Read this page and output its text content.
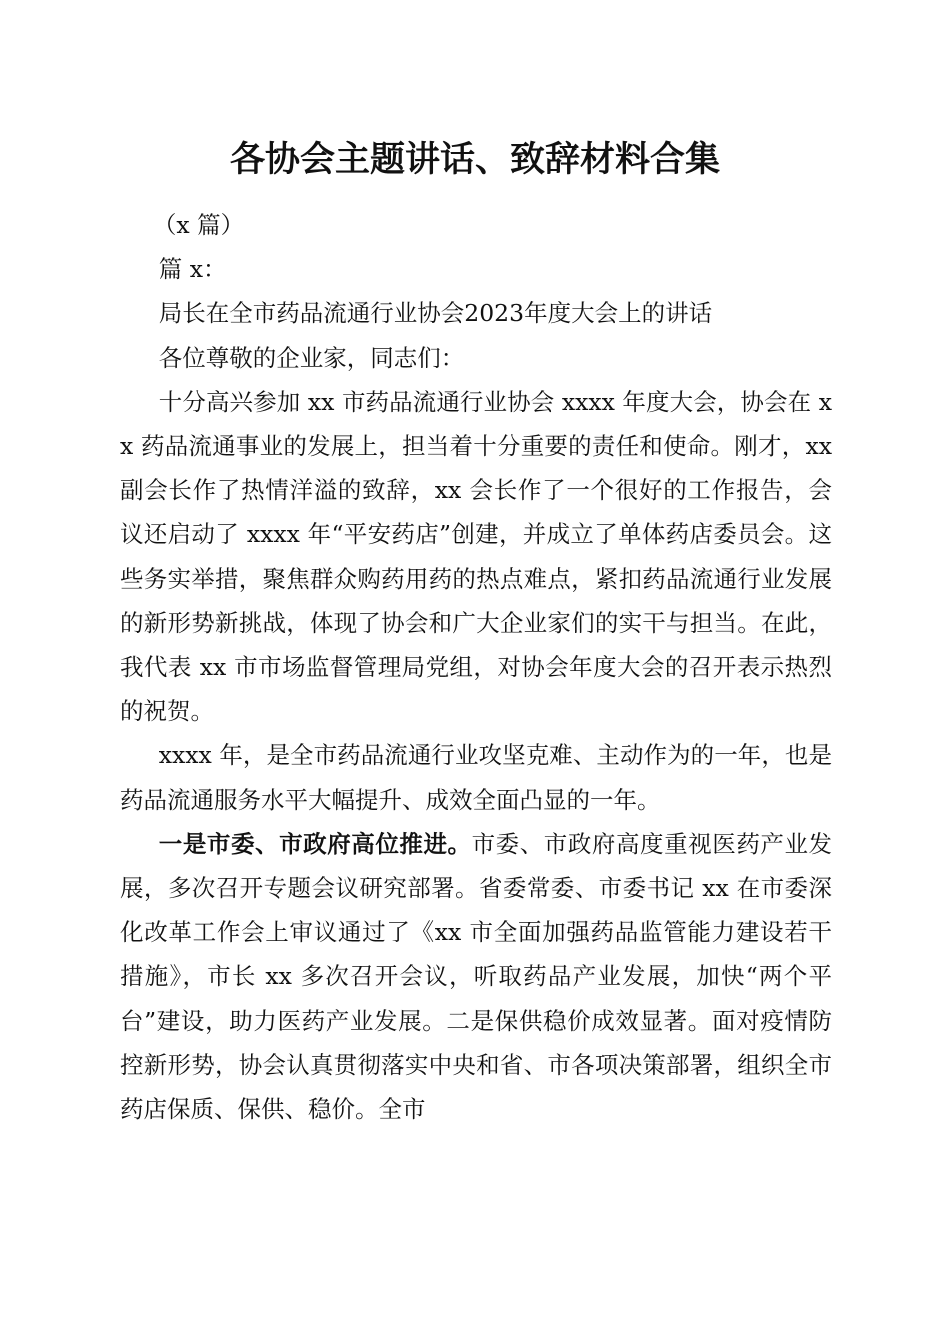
各协会主题讲话、致辞材料合集

（x 篇）

篇 x：

局长在全市药品流通行业协会2023年度大会上的讲话

各位尊敬的企业家，同志们：

十分高兴参加 xx 市药品流通行业协会 xxxx 年度大会，协会在 xx 药品流通事业的发展上，担当着十分重要的责任和使命。刚才，xx 副会长作了热情洋溢的致辞，xx 会长作了一个很好的工作报告，会议还启动了 xxxx 年“平安药店”创建，并成立了单体药店委员会。这些务实举措，聚焦群众购药用药的热点难点，紧扣药品流通行业发展的新形势新挑战，体现了协会和广大企业家们的实干与担当。在此，我代表 xx 市市场监督管理局党组，对协会年度大会的召开表示热烈的祝贺。

xxxx 年，是全市药品流通行业攻坚克难、主动作为的一年，也是药品流通服务水平大幅提升、成效全面凸显的一年。

一是市委、市政府高位推进。市委、市政府高度重视医药产业发展，多次召开专题会议研究部署。省委常委、市委书记 xx 在市委深化改革工作会上审议通过了《xx 市全面加强药品监管能力建设若干措施》，市长 xx 多次召开会议，听取药品产业发展，加快“两个平台”建设，助力医药产业发展。二是保供稳价成效显著。面对疫情防控新形势，协会认真贯彻落实中央和省、市各项决策部署，组织全市药店保质、保供、稳价。全市
